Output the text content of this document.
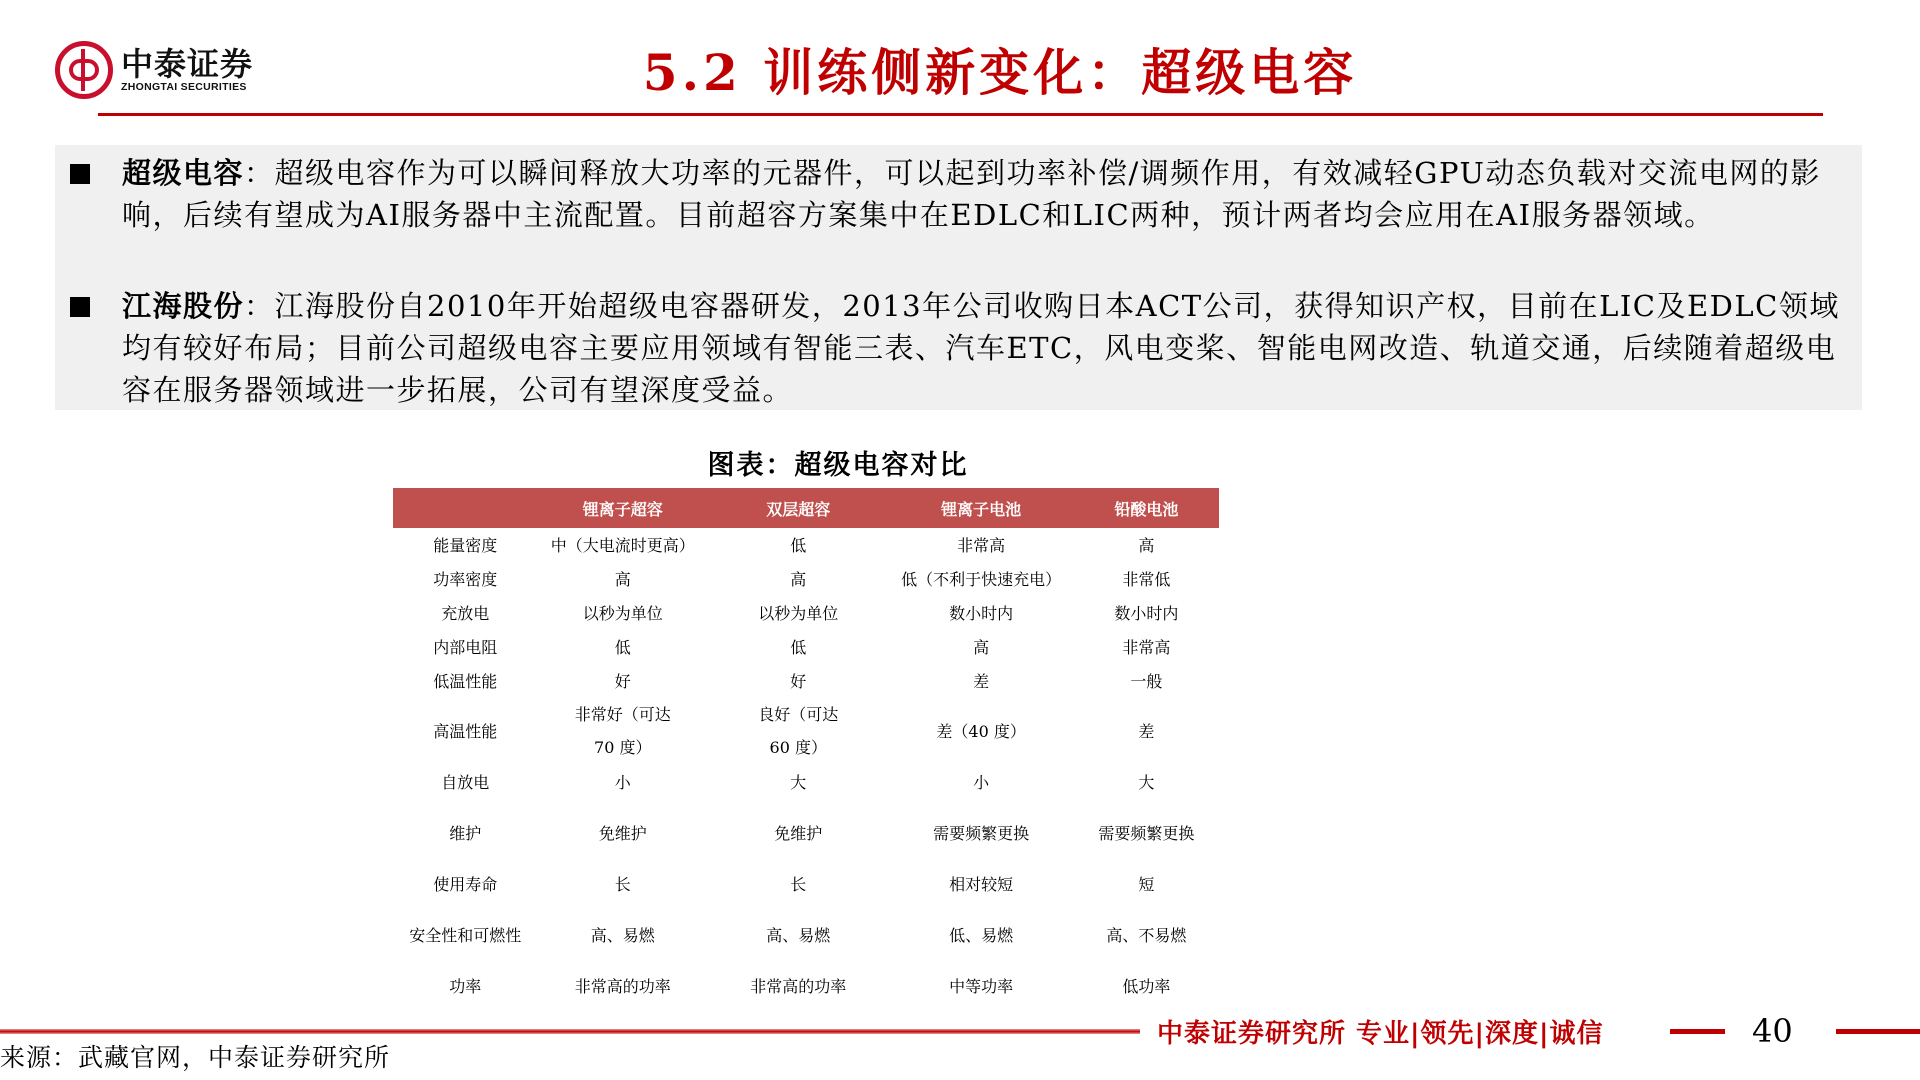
中泰证券
ZHONGTAI SECURITIES	5.2 训练侧新变化：超级电容
超级电容：超级电容作为可以瞬间释放大功率的元器件，可以起到功率补偿/调频作用，有效减轻GPU动态负载对交流电网的影响，后续有望成为AI服务器中主流配置。目前超容方案集中在EDLC和LIC两种，预计两者均会应用在AI服务器领域。
江海股份：江海股份自2010年开始超级电容器研发，2013年公司收购日本ACT公司，获得知识产权，目前在LIC及EDLC领域均有较好布局；目前公司超级电容主要应用领域有智能三表、汽车ETC，风电变桨、智能电网改造、轨道交通，后续随着超级电容在服务器领域进一步拓展，公司有望深度受益。
图表：超级电容对比
	锂离子超容	双层超容	锂离子电池	铅酸电池
能量密度	中（大电流时更高）	低	非常高	高
功率密度	高	高	低（不利于快速充电）	非常低
充放电	以秒为单位	以秒为单位	数小时内	数小时内
内部电阻	低	低	高	非常高
低温性能	好	好	差	一般
高温性能	非常好（可达 70 度）	良好（可达 60 度）	差（40 度）	差
自放电	小	大	小	大
维护	免维护	免维护	需要频繁更换	需要频繁更换
使用寿命	长	长	相对较短	短
安全性和可燃性	高、易燃	高、易燃	低、易燃	高、不易燃
功率	非常高的功率	非常高的功率	中等功率	低功率
中泰证券研究所 专业|领先|深度|诚信	40
来源：武藏官网，中泰证券研究所
